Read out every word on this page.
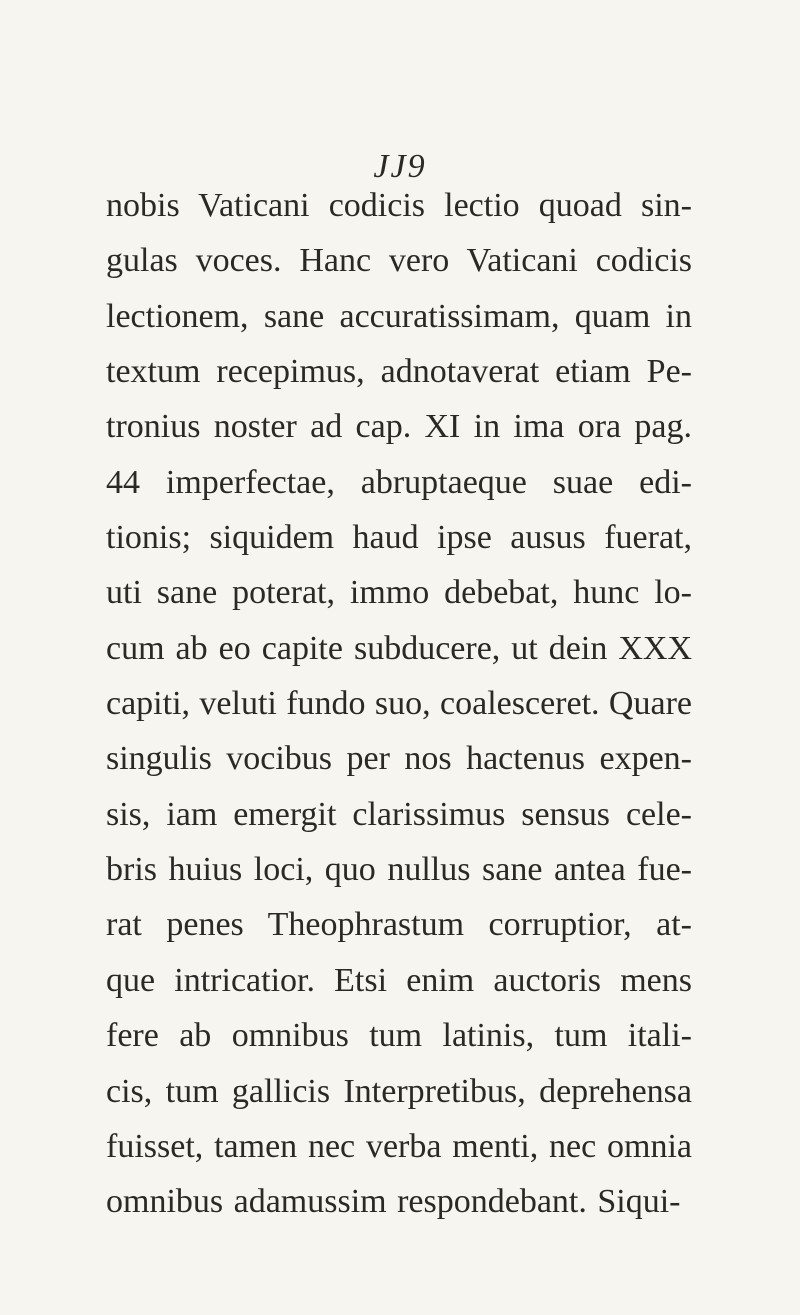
JJ9
nobis Vaticani codicis lectio quoad sin-
gulas voces. Hanc vero Vaticani codicis
lectionem, sane accuratissimam, quam in
textum recepimus, adnotaverat etiam Pe-
tronius noster ad cap. XI in ima ora pag.
44 imperfectae, abruptaeque suae edi-
tionis; siquidem haud ipse ausus fuerat,
uti sane poterat, immo debebat, hunc lo-
cum ab eo capite subducere, ut dein XXX
capiti, veluti fundo suo, coalesceret. Quare
singulis vocibus per nos hactenus expen-
sis, iam emergit clarissimus sensus cele-
bris huius loci, quo nullus sane antea fue-
rat penes Theophrastum corruptior, at-
que intricatior. Etsi enim auctoris mens
fere ab omnibus tum latinis, tum itali-
cis, tum gallicis Interpretibus, deprehensa
fuisset, tamen nec verba menti, nec omnia
omnibus adamussim respondebant. Siqui-
